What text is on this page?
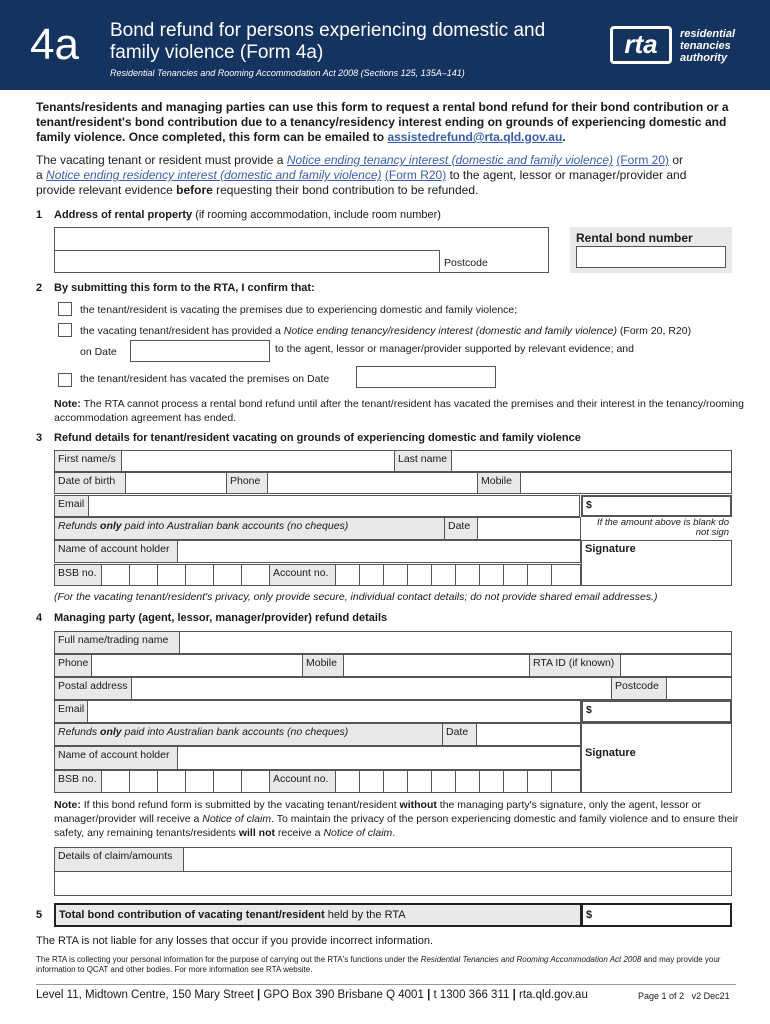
4a Bond refund for persons experiencing domestic and family violence (Form 4a)
Residential Tenancies and Rooming Accommodation Act 2008 (Sections 125, 135A–141)
rta	residential
tenancies
authority
Tenants/residents and managing parties can use this form to request a rental bond refund for their bond contribution or a tenant/resident's bond contribution due to a tenancy/residency interest ending on grounds of experiencing domestic and family violence. Once completed, this form can be emailed to assistedrefund@rta.qld.gov.au.
The vacating tenant or resident must provide a Notice ending tenancy interest (domestic and family violence) (Form 20) or
a Notice ending residency interest (domestic and family violence) (Form R20) to the agent, lessor or manager/provider and
provide relevant evidence before requesting their bond contribution to be refunded.
1 Address of rental property (if rooming accommodation, include room number)
Postcode
Rental bond number
2 By submitting this form to the RTA, I confirm that:
the tenant/resident is vacating the premises due to experiencing domestic and family violence;
the vacating tenant/resident has provided a Notice ending tenancy/residency interest (domestic and family violence) (Form 20, R20)
on Date	to the agent, lessor or manager/provider supported by relevant evidence; and
the tenant/resident has vacated the premises on Date
Note: The RTA cannot process a rental bond refund until after the tenant/resident has vacated the premises and their interest in the tenancy/rooming accommodation agreement has ended.
3 Refund details for tenant/resident vacating on grounds of experiencing domestic and family violence
First name/s	Last name
Date of birth	Phone	Mobile
Email	$
Refunds only paid into Australian bank accounts (no cheques)	Date	If the amount above is blank do not sign
Name of account holder	Signature
BSB no.	Account no.
(For the vacating tenant/resident's privacy, only provide secure, individual contact details; do not provide shared email addresses.)
4 Managing party (agent, lessor, manager/provider) refund details
Full name/trading name
Phone	Mobile	RTA ID (if known)
Postal address	Postcode
Email	$
Refunds only paid into Australian bank accounts (no cheques)	Date
Signature
Name of account holder
BSB no.	Account no.
Note: If this bond refund form is submitted by the vacating tenant/resident without the managing party's signature, only the agent, lessor or manager/provider will receive a Notice of claim. To maintain the privacy of the person experiencing domestic and family violence and to ensure their safety, any remaining tenants/residents will not receive a Notice of claim.
Details of claim/amounts
5	Total bond contribution of vacating tenant/resident held by the RTA	$
The RTA is not liable for any losses that occur if you provide incorrect information.
The RTA is collecting your personal information for the purpose of carrying out the RTA's functions under the Residential Tenancies and Rooming Accommodation Act 2008 and may provide your information to QCAT and other bodies. For more information see RTA website.
Level 11, Midtown Centre, 150 Mary Street | GPO Box 390 Brisbane Q 4001 | t 1300 366 311 | rta.qld.gov.au	Page 1 of 2 v2 Dec21
